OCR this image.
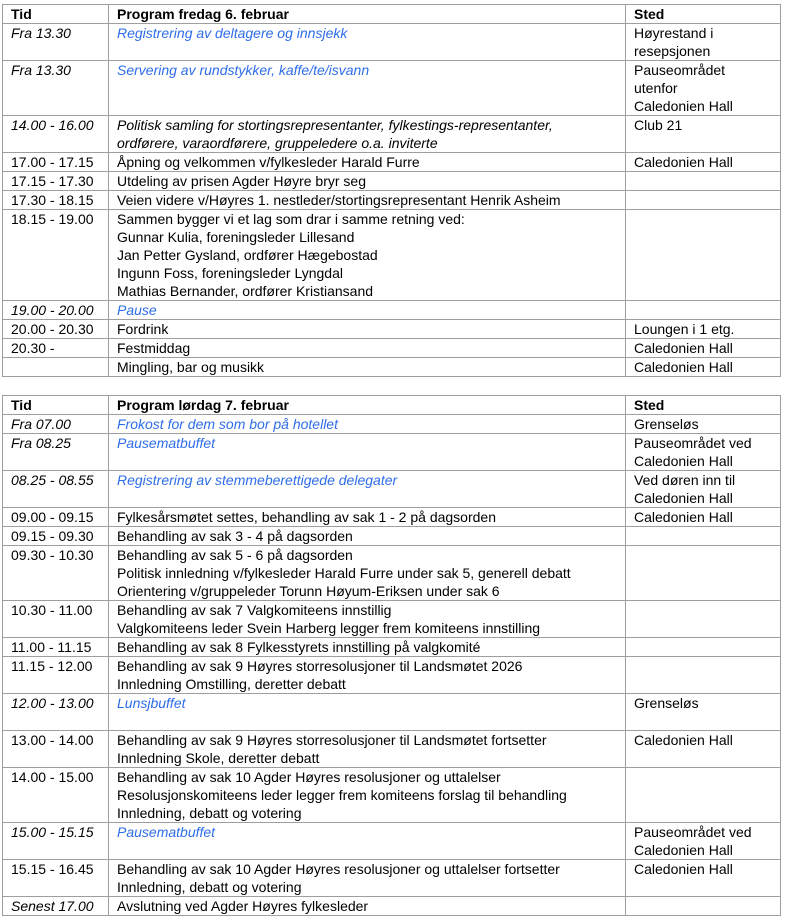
Tid	Program fredag 6. februar	Sted
Fra 13.30	Registrering av deltagere og innsjekk	Høyrestand i
resepsjonen

Fra 13.30	Servering av rundstykker, kaffe/te/isvann	Pauseområdet
utenfor
Caledonien Hall

14.00 - 16.00	Politisk samling for stortingsrepresentanter, fylkestings-representanter,
ordførere, varaordførere, gruppeledere o.a. inviterte	Club 21

17.00 - 17.15	Åpning og velkommen v/fylkesleder Harald Furre	Caledonien Hall

17.15 - 17.30	Utdeling av prisen Agder Høyre bryr seg	

17.30 - 18.15	Veien videre v/Høyres 1. nestleder/stortingsrepresentant Henrik Asheim	

18.15 - 19.00	Sammen bygger vi et lag som drar i samme retning ved:
Gunnar Kulia, foreningsleder Lillesand
Jan Petter Gysland, ordfører Hægebostad
Ingunn Foss, foreningsleder Lyngdal
Mathias Bernander, ordfører Kristiansand	

19.00 - 20.00	Pause	

20.00 - 20.30	Fordrink	Loungen i 1 etg.

20.30 -	Festmiddag	Caledonien Hall

	Mingling, bar og musikk	Caledonien Hall
Tid	Program lørdag 7. februar	Sted
Fra 07.00	Frokost for dem som bor på hotellet	Grenseløs

Fra 08.25	Pausematbuffet	Pauseområdet ved
Caledonien Hall

08.25 - 08.55	Registrering av stemmeberettigede delegater	Ved døren inn til
Caledonien Hall

09.00 - 09.15	Fylkesårsmøtet settes, behandling av sak 1 - 2 på dagsorden	Caledonien Hall

09.15 - 09.30	Behandling av sak 3 - 4 på dagsorden	

09.30 - 10.30	Behandling av sak 5 - 6 på dagsorden
Politisk innledning v/fylkesleder Harald Furre under sak 5, generell debatt
Orientering v/gruppeleder Torunn Høyum-Eriksen under sak 6	

10.30 - 11.00	Behandling av sak 7 Valgkomiteens innstillig
Valgkomiteens leder Svein Harberg legger frem komiteens innstilling	

11.00 - 11.15	Behandling av sak 8 Fylkesstyrets innstilling på valgkomité	

11.15 - 12.00	Behandling av sak 9 Høyres storresolusjoner til Landsmøtet 2026
Innledning Omstilling, deretter debatt	

12.00 - 13.00	Lunsjbuffet	Grenseløs

13.00 - 14.00	Behandling av sak 9 Høyres storresolusjoner til Landsmøtet fortsetter
Innledning Skole, deretter debatt	Caledonien Hall

14.00 - 15.00	Behandling av sak 10 Agder Høyres resolusjoner og uttalelser
Resolusjonskomiteens leder legger frem komiteens forslag til behandling
Innledning, debatt og votering	

15.00 - 15.15	Pausematbuffet	Pauseområdet ved
Caledonien Hall

15.15 - 16.45	Behandling av sak 10 Agder Høyres resolusjoner og uttalelser fortsetter
Innledning, debatt og votering	Caledonien Hall

Senest 17.00	Avslutning ved Agder Høyres fylkesleder	
